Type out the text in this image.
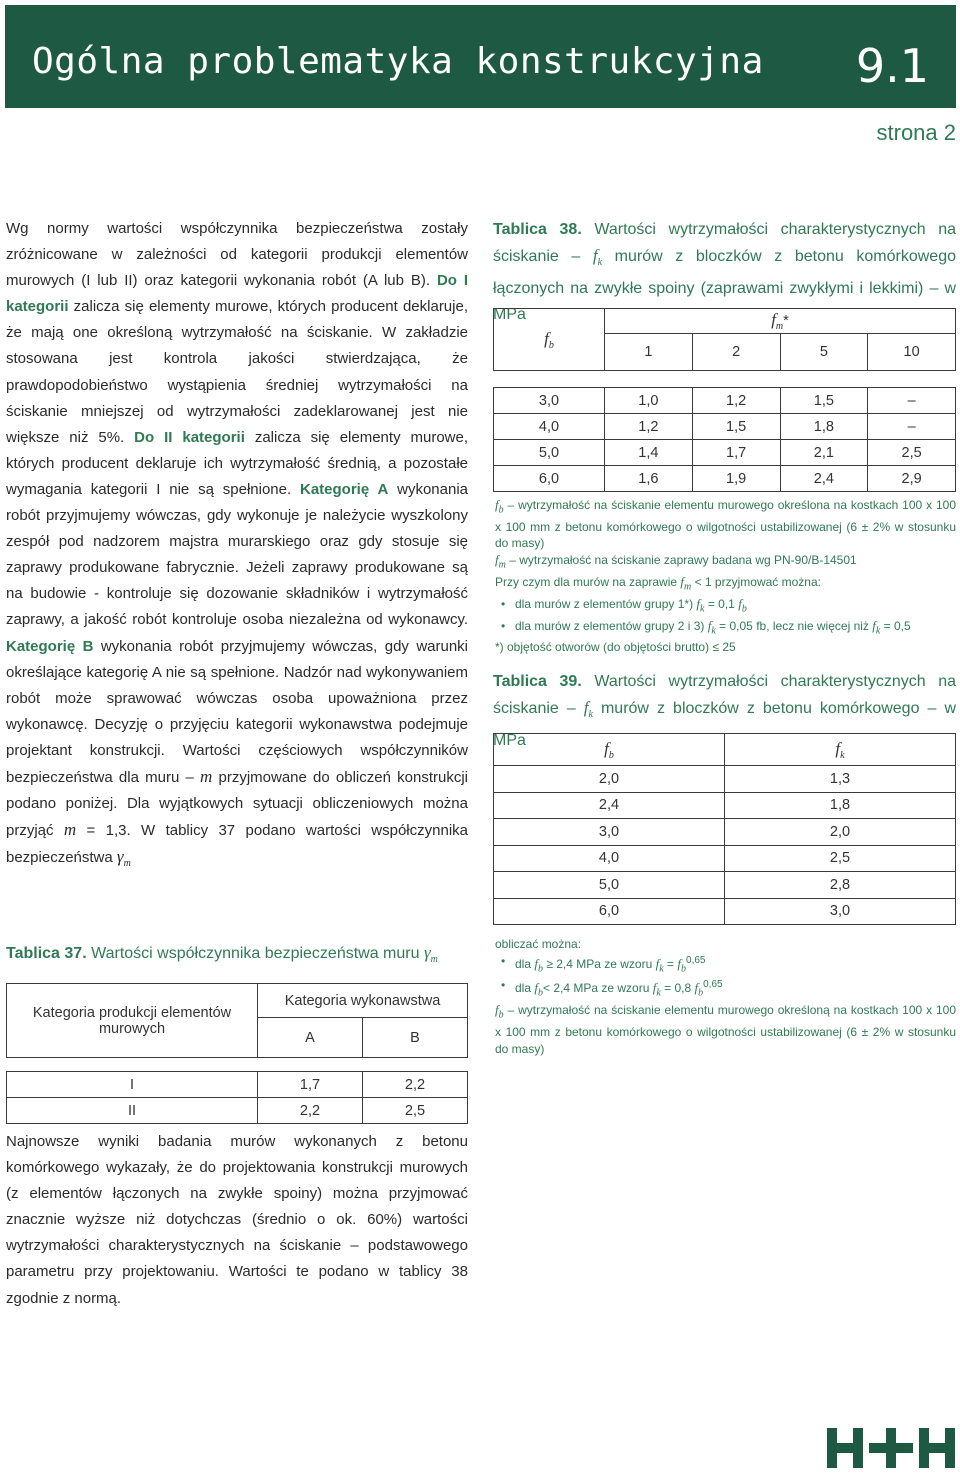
Ogólna problematyka konstrukcyjna 9.1
strona 2

Wg normy wartości współczynnika bezpieczeństwa zostały zróżnicowane w zależności od kategorii produkcji elementów murowych (I lub II) oraz kategorii wykonania robót (A lub B). Do I kategorii zalicza się elementy murowe, których producent deklaruje, że mają one określoną wytrzymałość na ściskanie. W zakładzie stosowana jest kontrola jakości stwierdzająca, że prawdopodobieństwo wystąpienia średniej wytrzymałości na ściskanie mniejszej od wytrzymałości zadeklarowanej jest nie większe niż 5%. Do II kategorii zalicza się elementy murowe, których producent deklaruje ich wytrzymałość średnią, a pozostałe wymagania kategorii I nie są spełnione. Kategorię A wykonania robót przyjmujemy wówczas, gdy wykonuje je należycie wyszkolony zespół pod nadzorem majstra murarskiego oraz gdy stosuje się zaprawy produkowane fabrycznie. Jeżeli zaprawy produkowane są na budowie - kontroluje się dozowanie składników i wytrzymałość zaprawy, a jakość robót kontroluje osoba niezależna od wykonawcy. Kategorię B wykonania robót przyjmujemy wówczas, gdy warunki określające kategorię A nie są spełnione. Nadzór nad wykonywaniem robót może sprawować wówczas osoba upoważniona przez wykonawcę. Decyzję o przyjęciu kategorii wykonawstwa podejmuje projektant konstrukcji. Wartości częściowych współczynników bezpieczeństwa dla muru – m przyjmowane do obliczeń konstrukcji podano poniżej. Dla wyjątkowych sytuacji obliczeniowych można przyjąć m = 1,3. W tablicy 37 podano wartości współczynnika bezpieczeństwa $\gamma_m$

Tablica 37. Wartości współczynnika bezpieczeństwa muru $\gamma_m$
Kategoria produkcji elementów murowych	Kategoria wykonawstwa	
	A	B

I	1,7	2,2
II	2,2	2,5

Najnowsze wyniki badania murów wykonanych z betonu komórkowego wykazały, że do projektowania konstrukcji murowych (z elementów łączonych na zwykłe spoiny) można przyjmować znacznie wyższe niż dotychczas (średnio o ok. 60%) wartości wytrzymałości charakterystycznych na ściskanie – podstawowego parametru przy projektowaniu. Wartości te podano w tablicy 38 zgodnie z normą.

Tablica 38. Wartości wytrzymałości charakterystycznych na ściskanie – $f_k$ murów z bloczków z betonu komórkowego łączonych na zwykłe spoiny (zaprawami zwykłymi i lekkimi) – w MPa
$f_b$	$f_m*$			
	1	2	5	10

3,0	1,0	1,2	1,5	–
4,0	1,2	1,5	1,8	–
5,0	1,4	1,7	2,1	2,5
6,0	1,6	1,9	2,4	2,9

$f_b$ – wytrzymałość na ściskanie elementu murowego określona na kostkach 100 x 100 x 100 mm z betonu komórkowego o wilgotności ustabilizowanej (6 ± 2% w stosunku do masy)

$f_m$ – wytrzymałość na ściskanie zaprawy badana wg PN-90/B-14501

Przy czym dla murów na zaprawie $f_m < 1$ przyjmować można:

• dla murów z elementów grupy 1*) $f_k = 0,1$ $f_b$
• dla murów z elementów grupy 2 i 3) $f_k = 0,05$ fb, lecz nie więcej niż $f_k = 0,5$

*) objętość otworów (do objętości brutto) ≤ 25

Tablica 39. Wartości wytrzymałości charakterystycznych na ściskanie – $f_k$ murów z bloczków z betonu komórkowego – w MPa	$f_b$	$f_k$
2,0	1,3
2,4	1,8
3,0	2,0
4,0	2,5
5,0	2,8
6,0	3,0

obliczać można:

• dla $f_b \ge 2,4$ MPa ze wzoru $f_k = f_b^{0,65}$
• dla $f_b< 2,4$ MPa ze wzoru $f_k = 0,8$ $f_b^{0,65}$

$f_b$ – wytrzymałość na ściskanie elementu murowego określoną na kostkach 100 x 100 x 100 mm z betonu komórkowego o wilgotności ustabilizowanej (6 ± 2% w stosunku do masy)
